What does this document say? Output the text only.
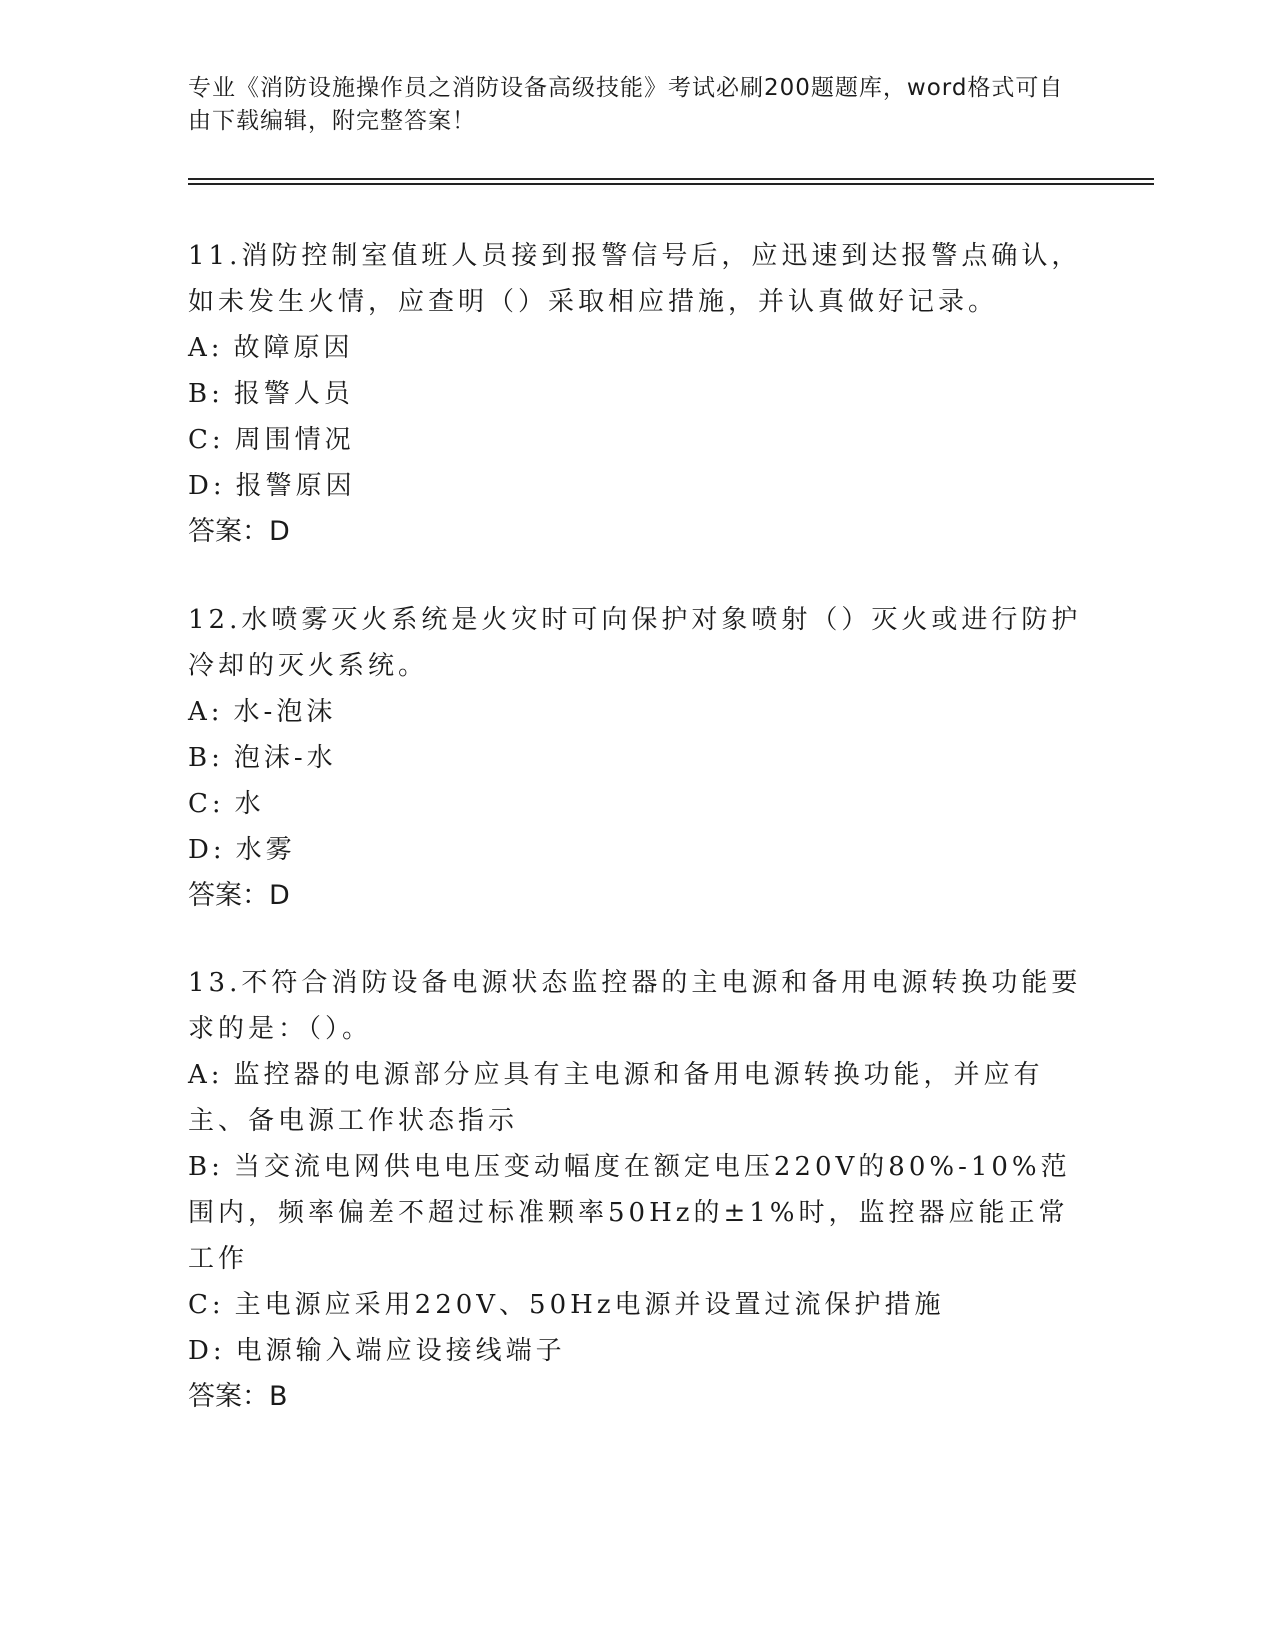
专业《消防设施操作员之消防设备高级技能》考试必刷200题题库，word格式可自由下载编辑，附完整答案！

11.消防控制室值班人员接到报警信号后，应迅速到达报警点确认，如未发生火情，应查明（）采取相应措施，并认真做好记录。

A: 故障原因

B: 报警人员

C: 周围情况

D: 报警原因

答案：D

12.水喷雾灭火系统是火灾时可向保护对象喷射（）灭火或进行防护冷却的灭火系统。

A: 水-泡沫

B: 泡沫-水

C: 水

D: 水雾

答案：D

13.不符合消防设备电源状态监控器的主电源和备用电源转换功能要求的是：（）。

A: 监控器的电源部分应具有主电源和备用电源转换功能，并应有主、备电源工作状态指示

B: 当交流电网供电电压变动幅度在额定电压220V的80%-10%范围内，频率偏差不超过标准颗率50Hz的±1%时，监控器应能正常工作

C: 主电源应采用220V、50Hz电源并设置过流保护措施

D: 电源输入端应设接线端子

答案：B
